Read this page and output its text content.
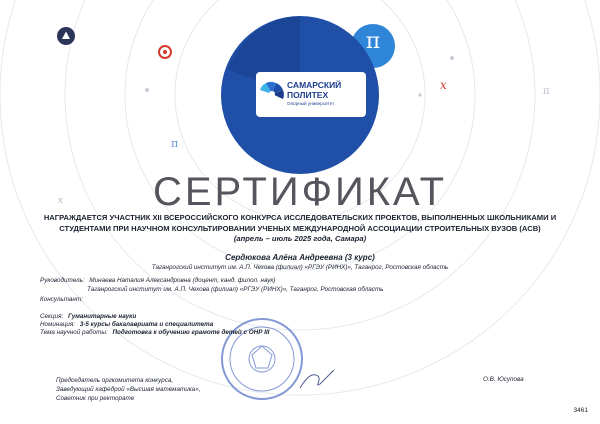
π
π
π
x
x
САМАРСКИЙ
ПОЛИТЕХ
Опорный университет
СЕРТИФИКАТ
НАГРАЖДАЕТСЯ УЧАСТНИК XII ВСЕРОССИЙСКОГО КОНКУРСА ИССЛЕДОВАТЕЛЬСКИХ ПРОЕКТОВ, ВЫПОЛНЕННЫХ ШКОЛЬНИКАМИ И
СТУДЕНТАМИ ПРИ НАУЧНОМ КОНСУЛЬТИРОВАНИИ УЧЕНЫХ МЕЖДУНАРОДНОЙ АССОЦИАЦИИ СТРОИТЕЛЬНЫХ ВУЗОВ (АСВ)
(апрель – июль 2025 года, Самара)
Сердюкова Алёна Андреевна (3 курс)
Таганрогский институт им. А.П. Чехова (филиал) «РГЭУ (РИНХ)», Таганрог, Ростовская область
Руководитель: Минаева Наталия Александровна (доцент, канд. филол. наук)
Таганрогский институт им. А.П. Чехова (филиал) «РГЭУ (РИНХ)», Таганрог, Ростовская область
Консультант:
Секция: Гуманитарные науки
Номинация: 3-5 курсы бакалавриата и специалитета
Тема научной работы: Подготовка к обучению грамоте детей с ОНР III
Председатель оргкомитета конкурса,
Заведующий кафедрой «Высшая математика»,
Советник при ректорате
О.В. Юсупова
3461
